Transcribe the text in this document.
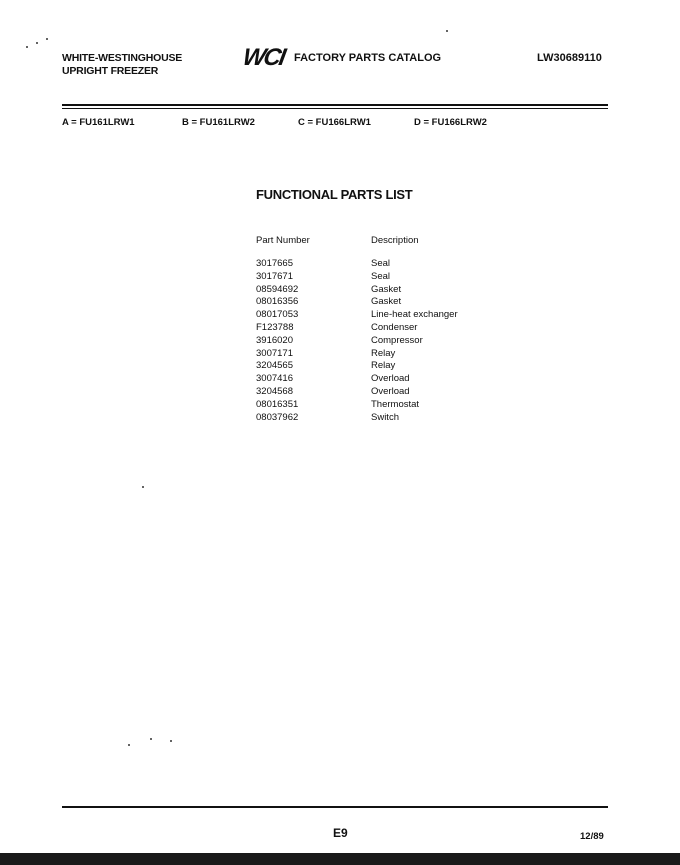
WHITE-WESTINGHOUSE
UPRIGHT FREEZER	WCI FACTORY PARTS CATALOG	LW30689110
A = FU161LRW1	B = FU161LRW2	C = FU166LRW1	D = FU166LRW2
FUNCTIONAL PARTS LIST
Part Number	Description
3017665	Seal
3017671	Seal
08594692	Gasket
08016356	Gasket
08017053	Line-heat exchanger
F123788	Condenser
3916020	Compressor
3007171	Relay
3204565	Relay
3007416	Overload
3204568	Overload
08016351	Thermostat
08037962	Switch
E9	12/89
